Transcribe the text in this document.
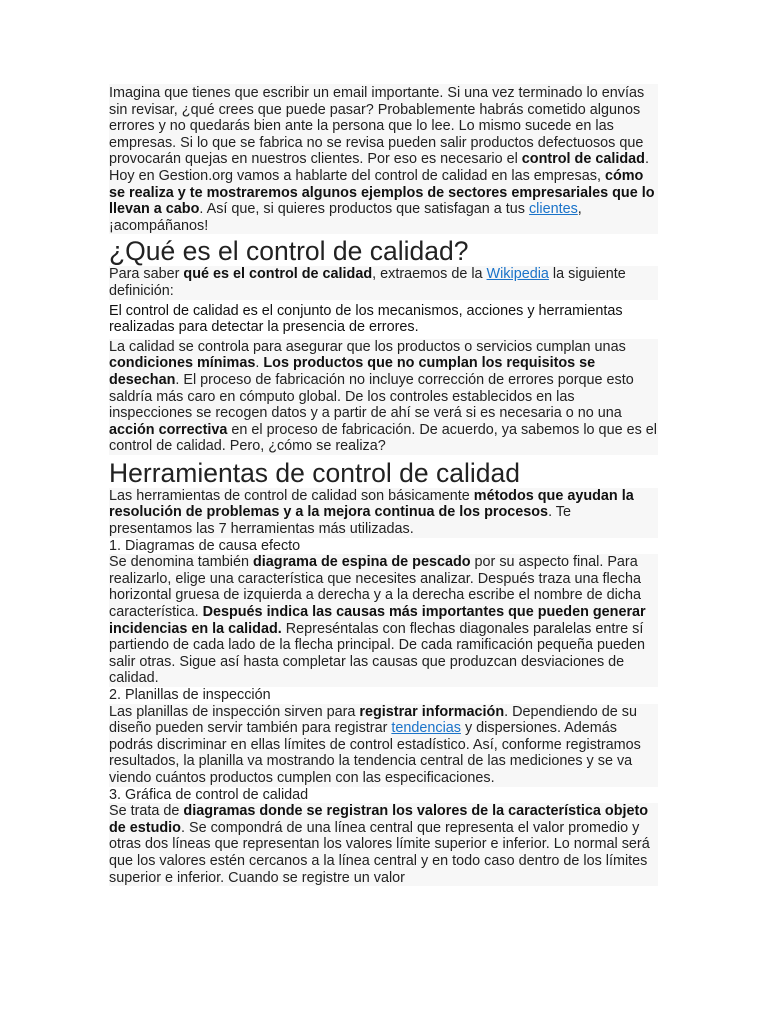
Imagina que tienes que escribir un email importante. Si una vez terminado lo envías sin revisar, ¿qué crees que puede pasar? Probablemente habrás cometido algunos errores y no quedarás bien ante la persona que lo lee. Lo mismo sucede en las empresas. Si lo que se fabrica no se revisa pueden salir productos defectuosos que provocarán quejas en nuestros clientes. Por eso es necesario el control de calidad. Hoy en Gestion.org vamos a hablarte del control de calidad en las empresas, cómo se realiza y te mostraremos algunos ejemplos de sectores empresariales que lo llevan a cabo. Así que, si quieres productos que satisfagan a tus clientes, ¡acompáñanos!

¿Qué es el control de calidad?

Para saber qué es el control de calidad, extraemos de la Wikipedia la siguiente definición:

El control de calidad es el conjunto de los mecanismos, acciones y herramientas realizadas para detectar la presencia de errores.

La calidad se controla para asegurar que los productos o servicios cumplan unas condiciones mínimas. Los productos que no cumplan los requisitos se desechan. El proceso de fabricación no incluye corrección de errores porque esto saldría más caro en cómputo global. De los controles establecidos en las inspecciones se recogen datos y a partir de ahí se verá si es necesaria o no una acción correctiva en el proceso de fabricación. De acuerdo, ya sabemos lo que es el control de calidad. Pero, ¿cómo se realiza?

Herramientas de control de calidad

Las herramientas de control de calidad son básicamente métodos que ayudan la resolución de problemas y a la mejora continua de los procesos. Te presentamos las 7 herramientas más utilizadas.

1. Diagramas de causa efecto

Se denomina también diagrama de espina de pescado por su aspecto final. Para realizarlo, elige una característica que necesites analizar. Después traza una flecha horizontal gruesa de izquierda a derecha y a la derecha escribe el nombre de dicha característica. Después indica las causas más importantes que pueden generar incidencias en la calidad. Represéntalas con flechas diagonales paralelas entre sí partiendo de cada lado de la flecha principal. De cada ramificación pequeña pueden salir otras. Sigue así hasta completar las causas que produzcan desviaciones de calidad.

2. Planillas de inspección

Las planillas de inspección sirven para registrar información. Dependiendo de su diseño pueden servir también para registrar tendencias y dispersiones. Además podrás discriminar en ellas límites de control estadístico. Así, conforme registramos resultados, la planilla va mostrando la tendencia central de las mediciones y se va viendo cuántos productos cumplen con las especificaciones.

3. Gráfica de control de calidad

Se trata de diagramas donde se registran los valores de la característica objeto de estudio. Se compondrá de una línea central que representa el valor promedio y otras dos líneas que representan los valores límite superior e inferior. Lo normal será que los valores estén cercanos a la línea central y en todo caso dentro de los límites superior e inferior. Cuando se registre un valor
